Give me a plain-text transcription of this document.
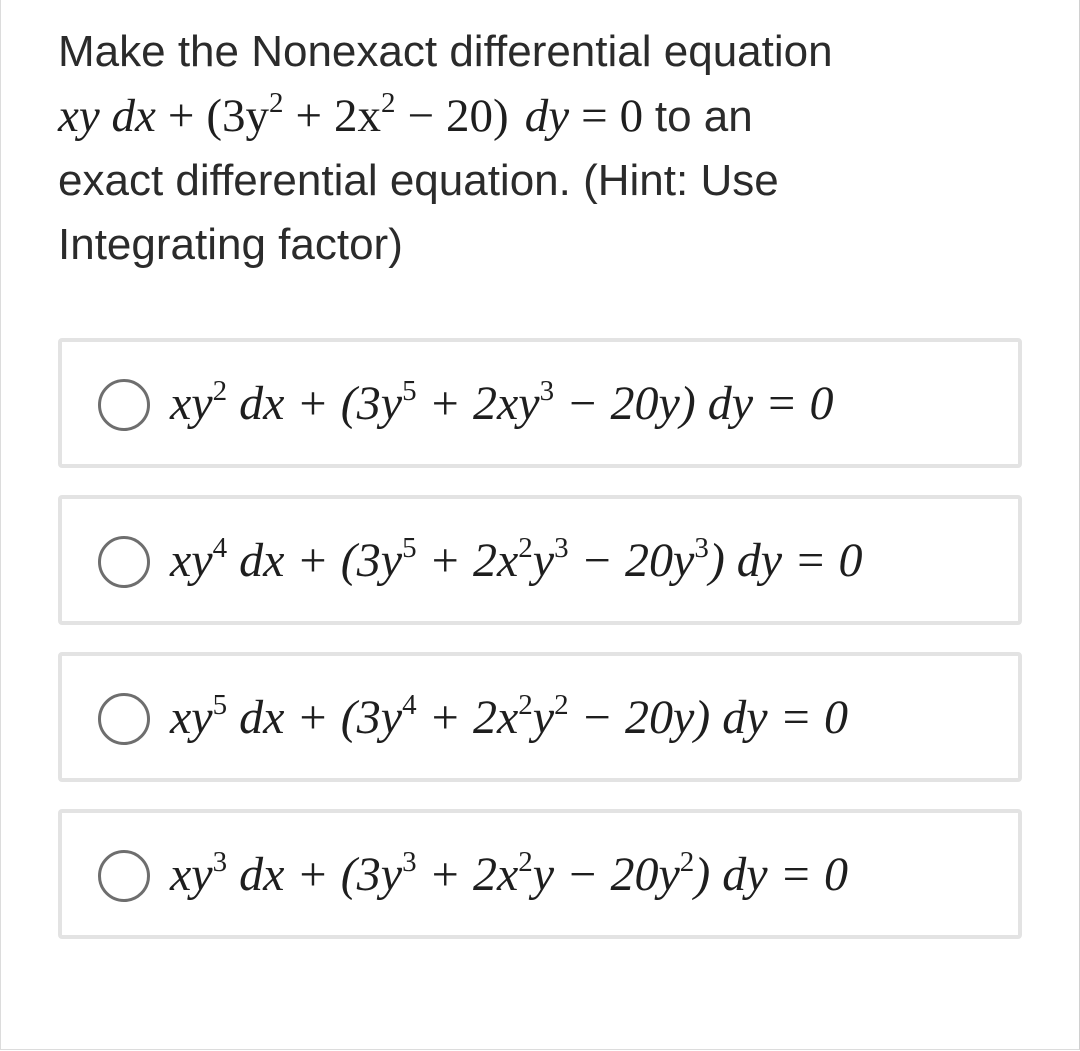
Make the Nonexact differential equation
xy dx + $(3y^2 + 2x^2 - 20)$ dy = 0 to an
exact differential equation. (Hint: Use
Integrating factor)
$xy^2$ dx + $(3y^5 + 2xy^3 - 20y)$ dy = 0
$xy^4$ dx + $(3y^5 + 2x^2y^3 - 20y^3)$ dy = 0
$xy^5$ dx + $(3y^4 + 2x^2y^2 - 20y)$ dy = 0
$xy^3$ dx + $(3y^3 + 2x^2y - 20y^2)$ dy = 0
